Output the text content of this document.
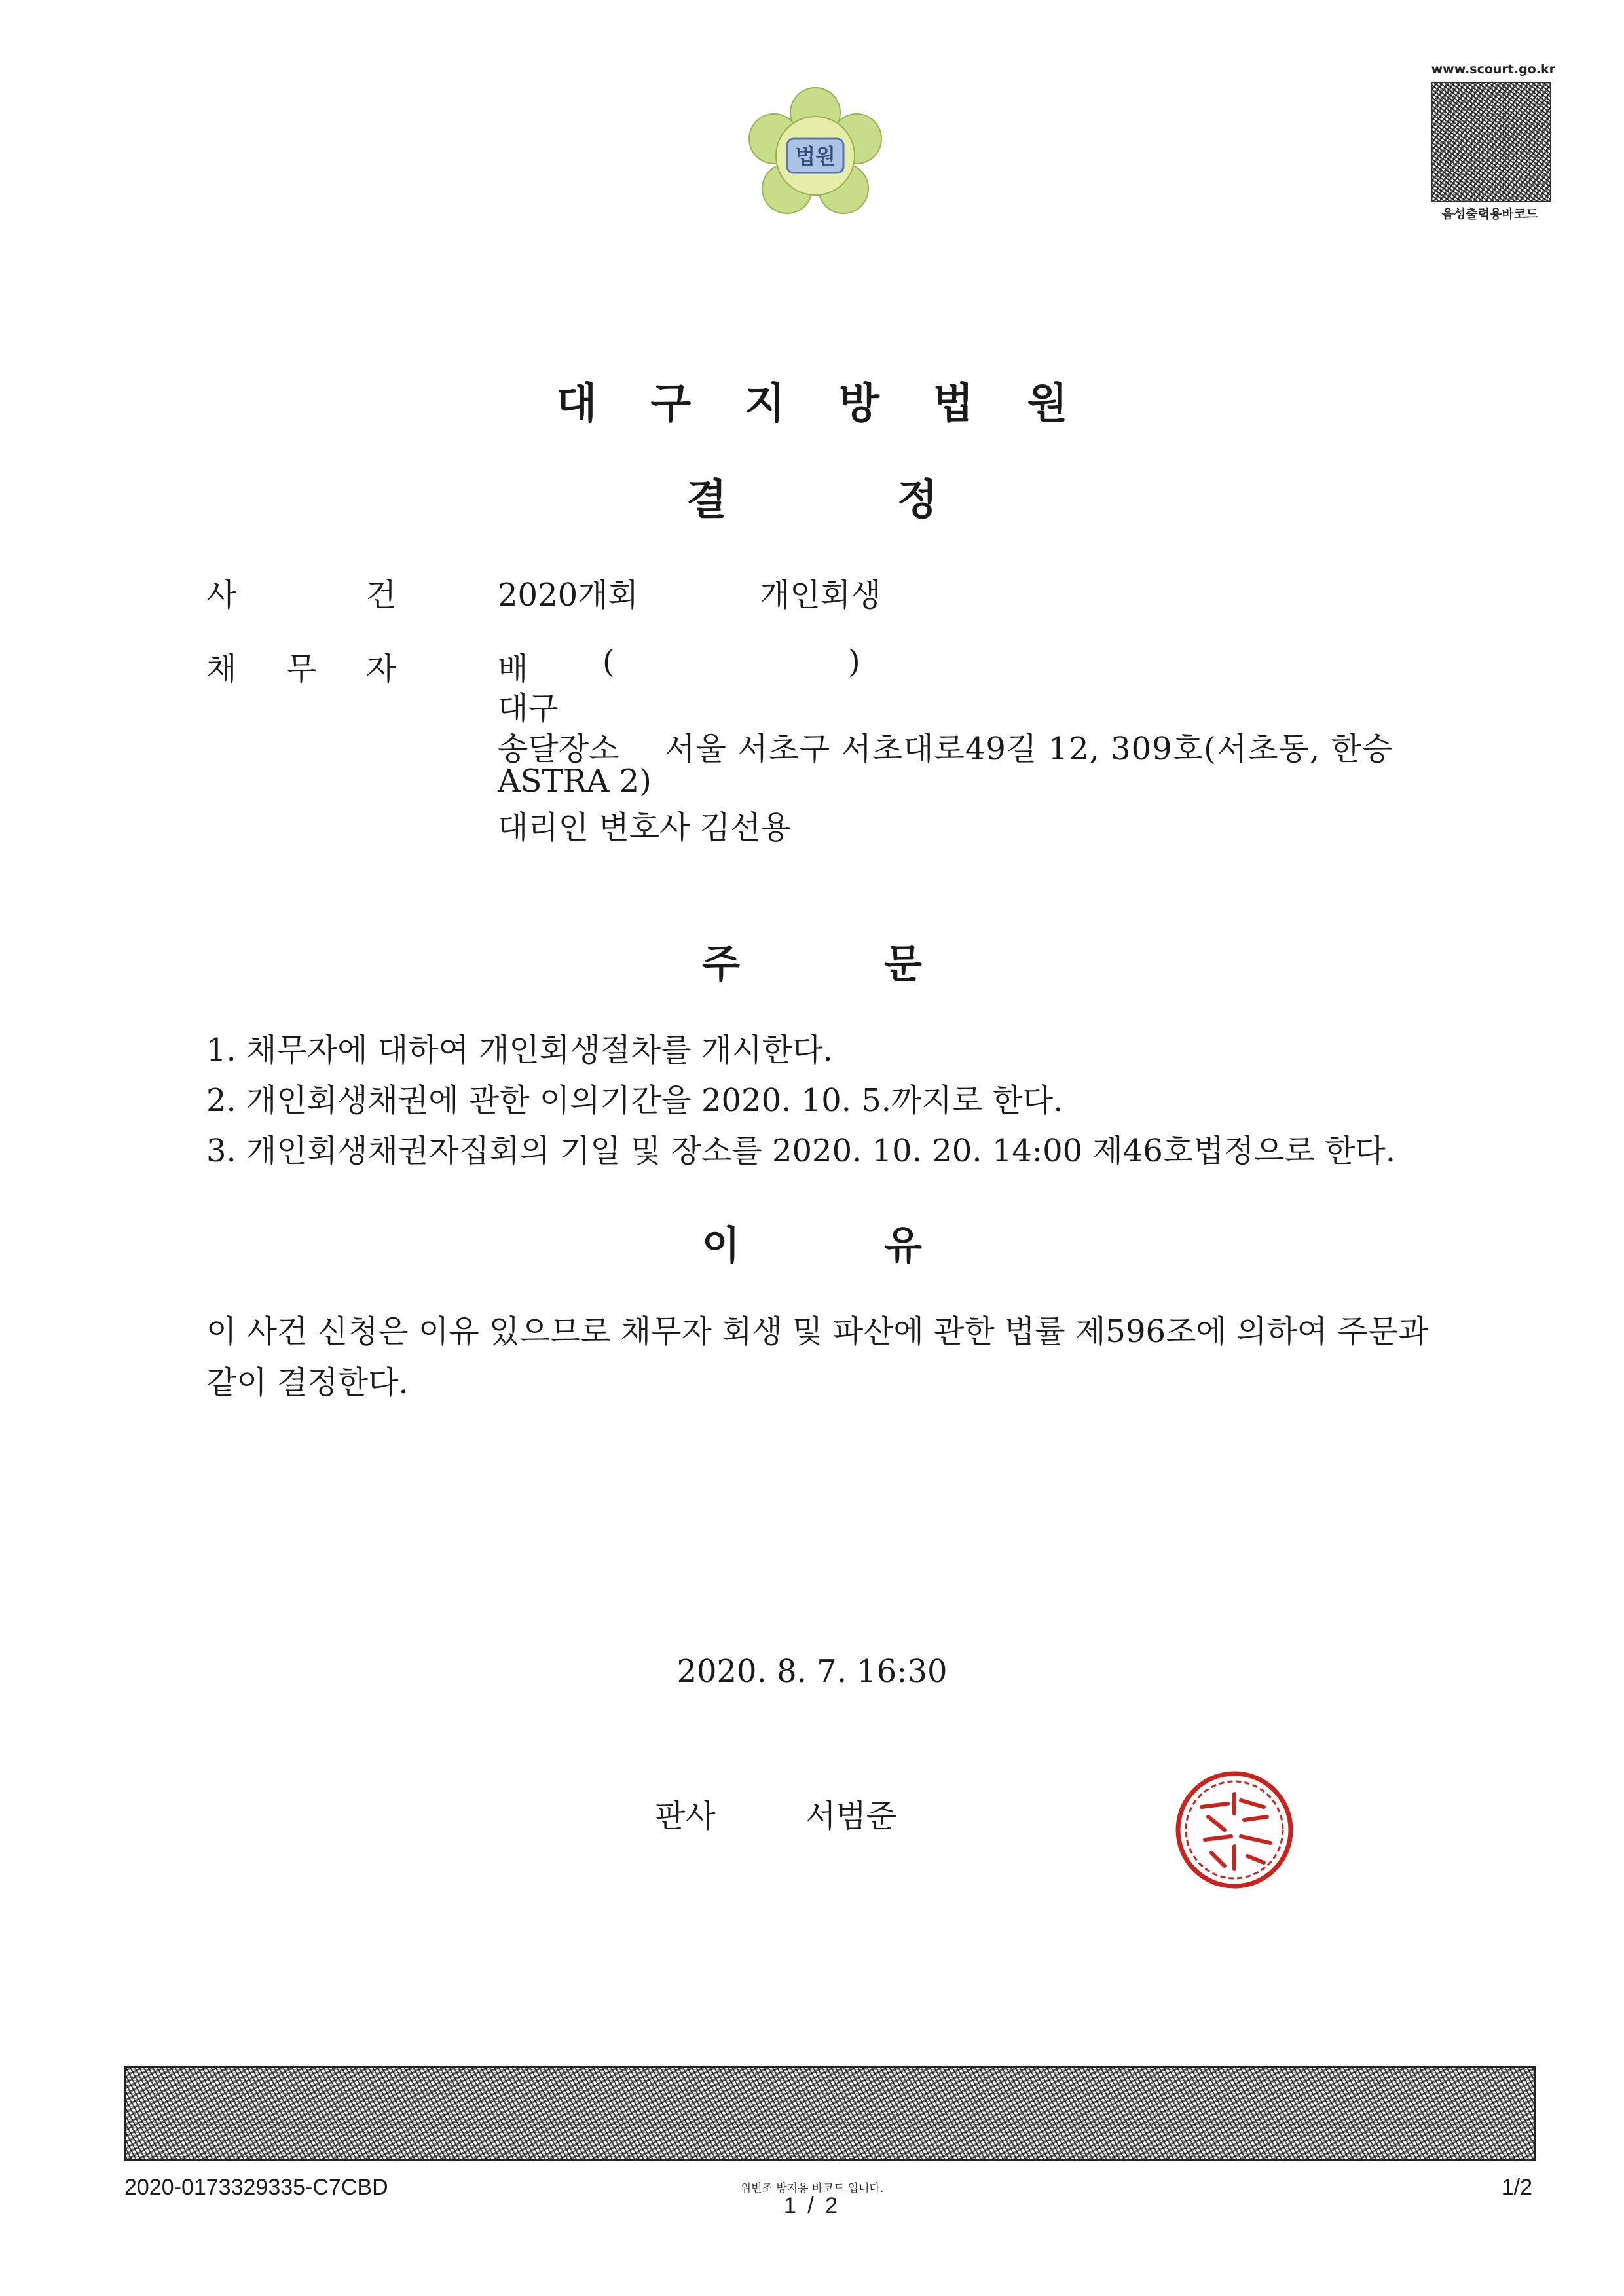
법원
www.scourt.go.kr
음성출력용바코드
대구지방법원
결정
사	건	2020개회	개인회생
채 무 자	배 (	)
대구
송달장소 서울 서초구 서초대로49길 12, 309호(서초동, 한승
ASTRA 2)
대리인 변호사 김선용
주문
1. 채무자에 대하여 개인회생절차를 개시한다.
2. 개인회생채권에 관한 이의기간을 2020. 10. 5.까지로 한다.
3. 개인회생채권자집회의 기일 및 장소를 2020. 10. 20. 14:00 제46호법정으로 한다.
이유
이 사건 신청은 이유 있으므로 채무자 회생 및 파산에 관한 법률 제596조에 의하여 주문과 같이 결정한다.
2020. 8. 7. 16:30
판사	서범준
2020-0173329335-C7CBD	위변조 방지용 바코드 입니다.
1 / 2
1/2
